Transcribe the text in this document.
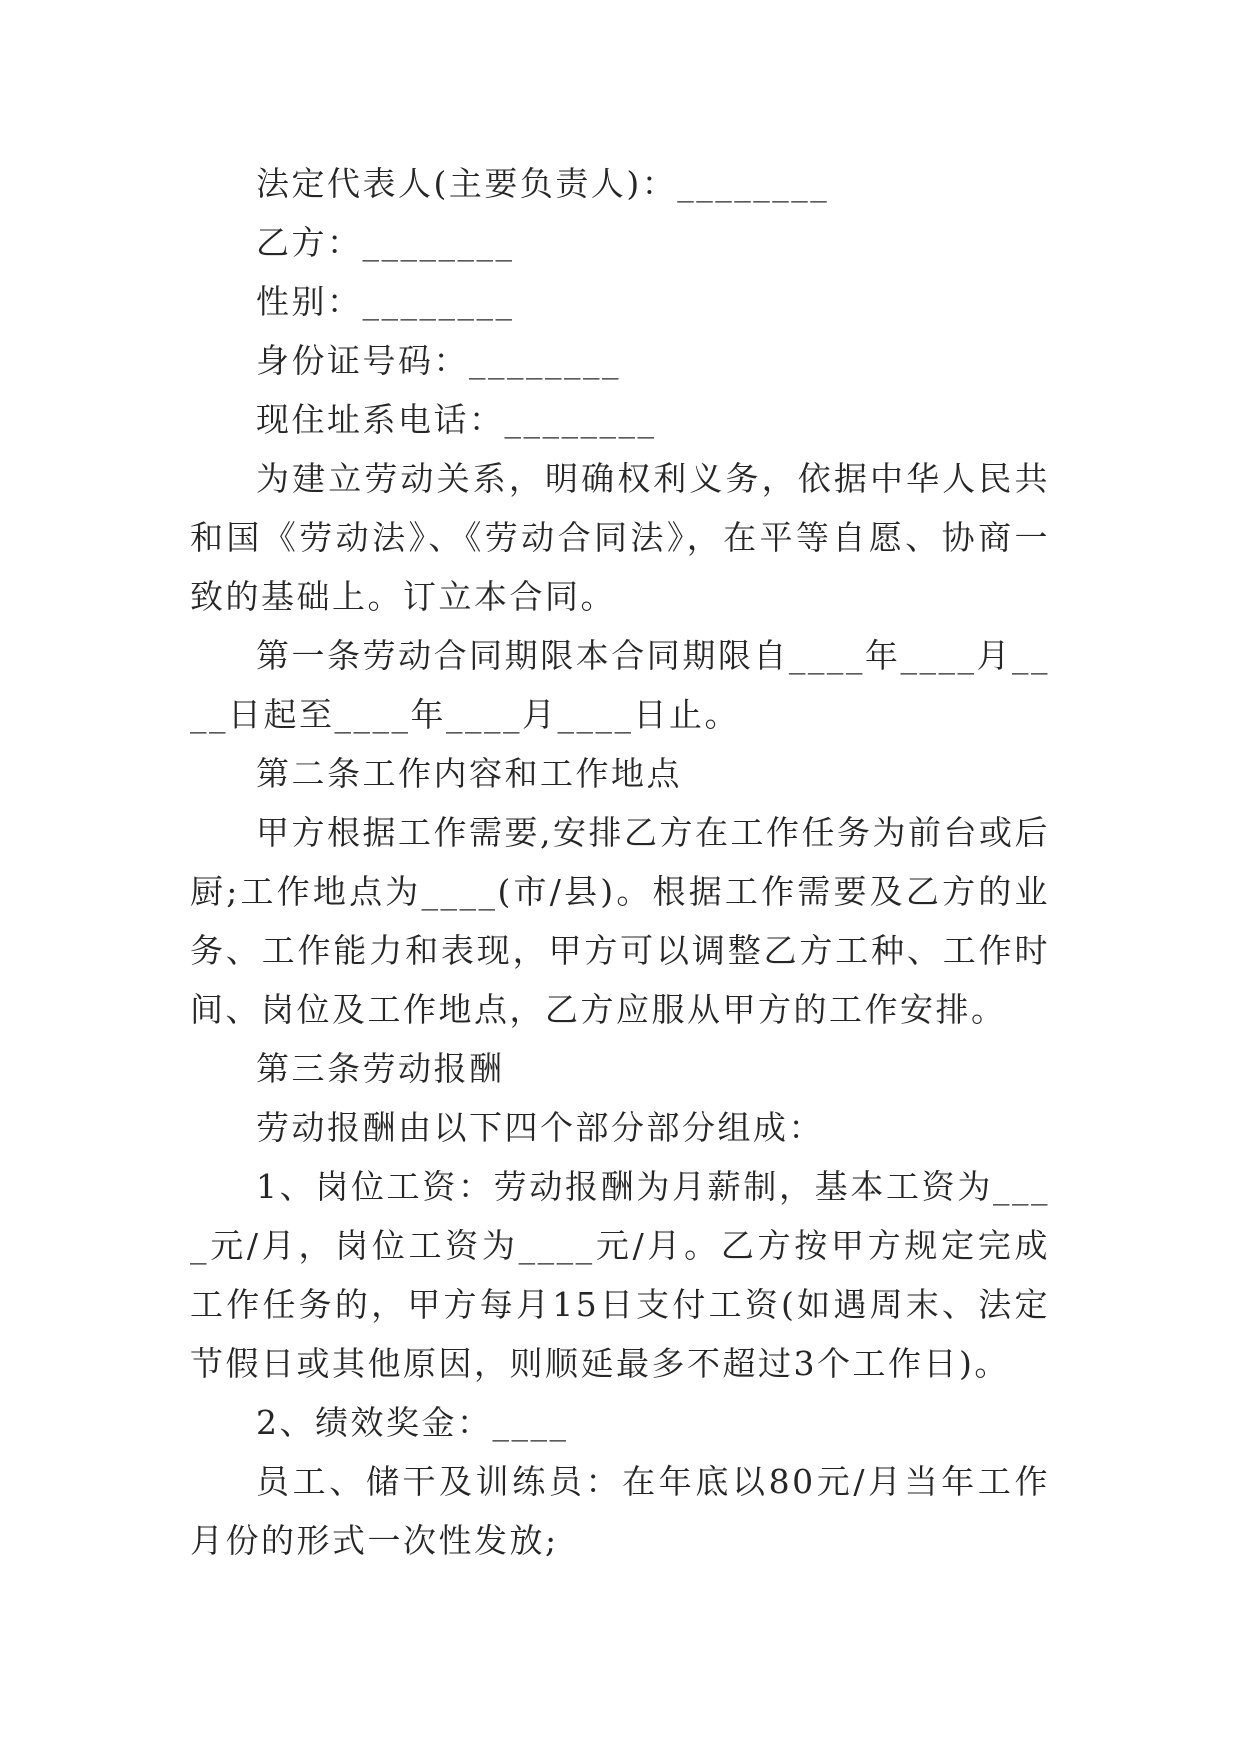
法定代表人(主要负责人)：________

乙方：________

性别：________

身份证号码：________

现住址系电话：________

为建立劳动关系，明确权利义务，依据中华人民共和国《劳动法》、《劳动合同法》，在平等自愿、协商一致的基础上。订立本合同。

第一条劳动合同期限本合同期限自____年____月____日起至____年____月____日止。

第二条工作内容和工作地点

甲方根据工作需要,安排乙方在工作任务为前台或后厨;工作地点为____(市/县)。根据工作需要及乙方的业务、工作能力和表现，甲方可以调整乙方工种、工作时间、岗位及工作地点，乙方应服从甲方的工作安排。

第三条劳动报酬

劳动报酬由以下四个部分部分组成：

1、岗位工资：劳动报酬为月薪制，基本工资为____元/月，岗位工资为____元/月。乙方按甲方规定完成工作任务的，甲方每月15日支付工资(如遇周末、法定节假日或其他原因，则顺延最多不超过3个工作日)。

2、绩效奖金：____

员工、储干及训练员：在年底以80元/月当年工作月份的形式一次性发放;
